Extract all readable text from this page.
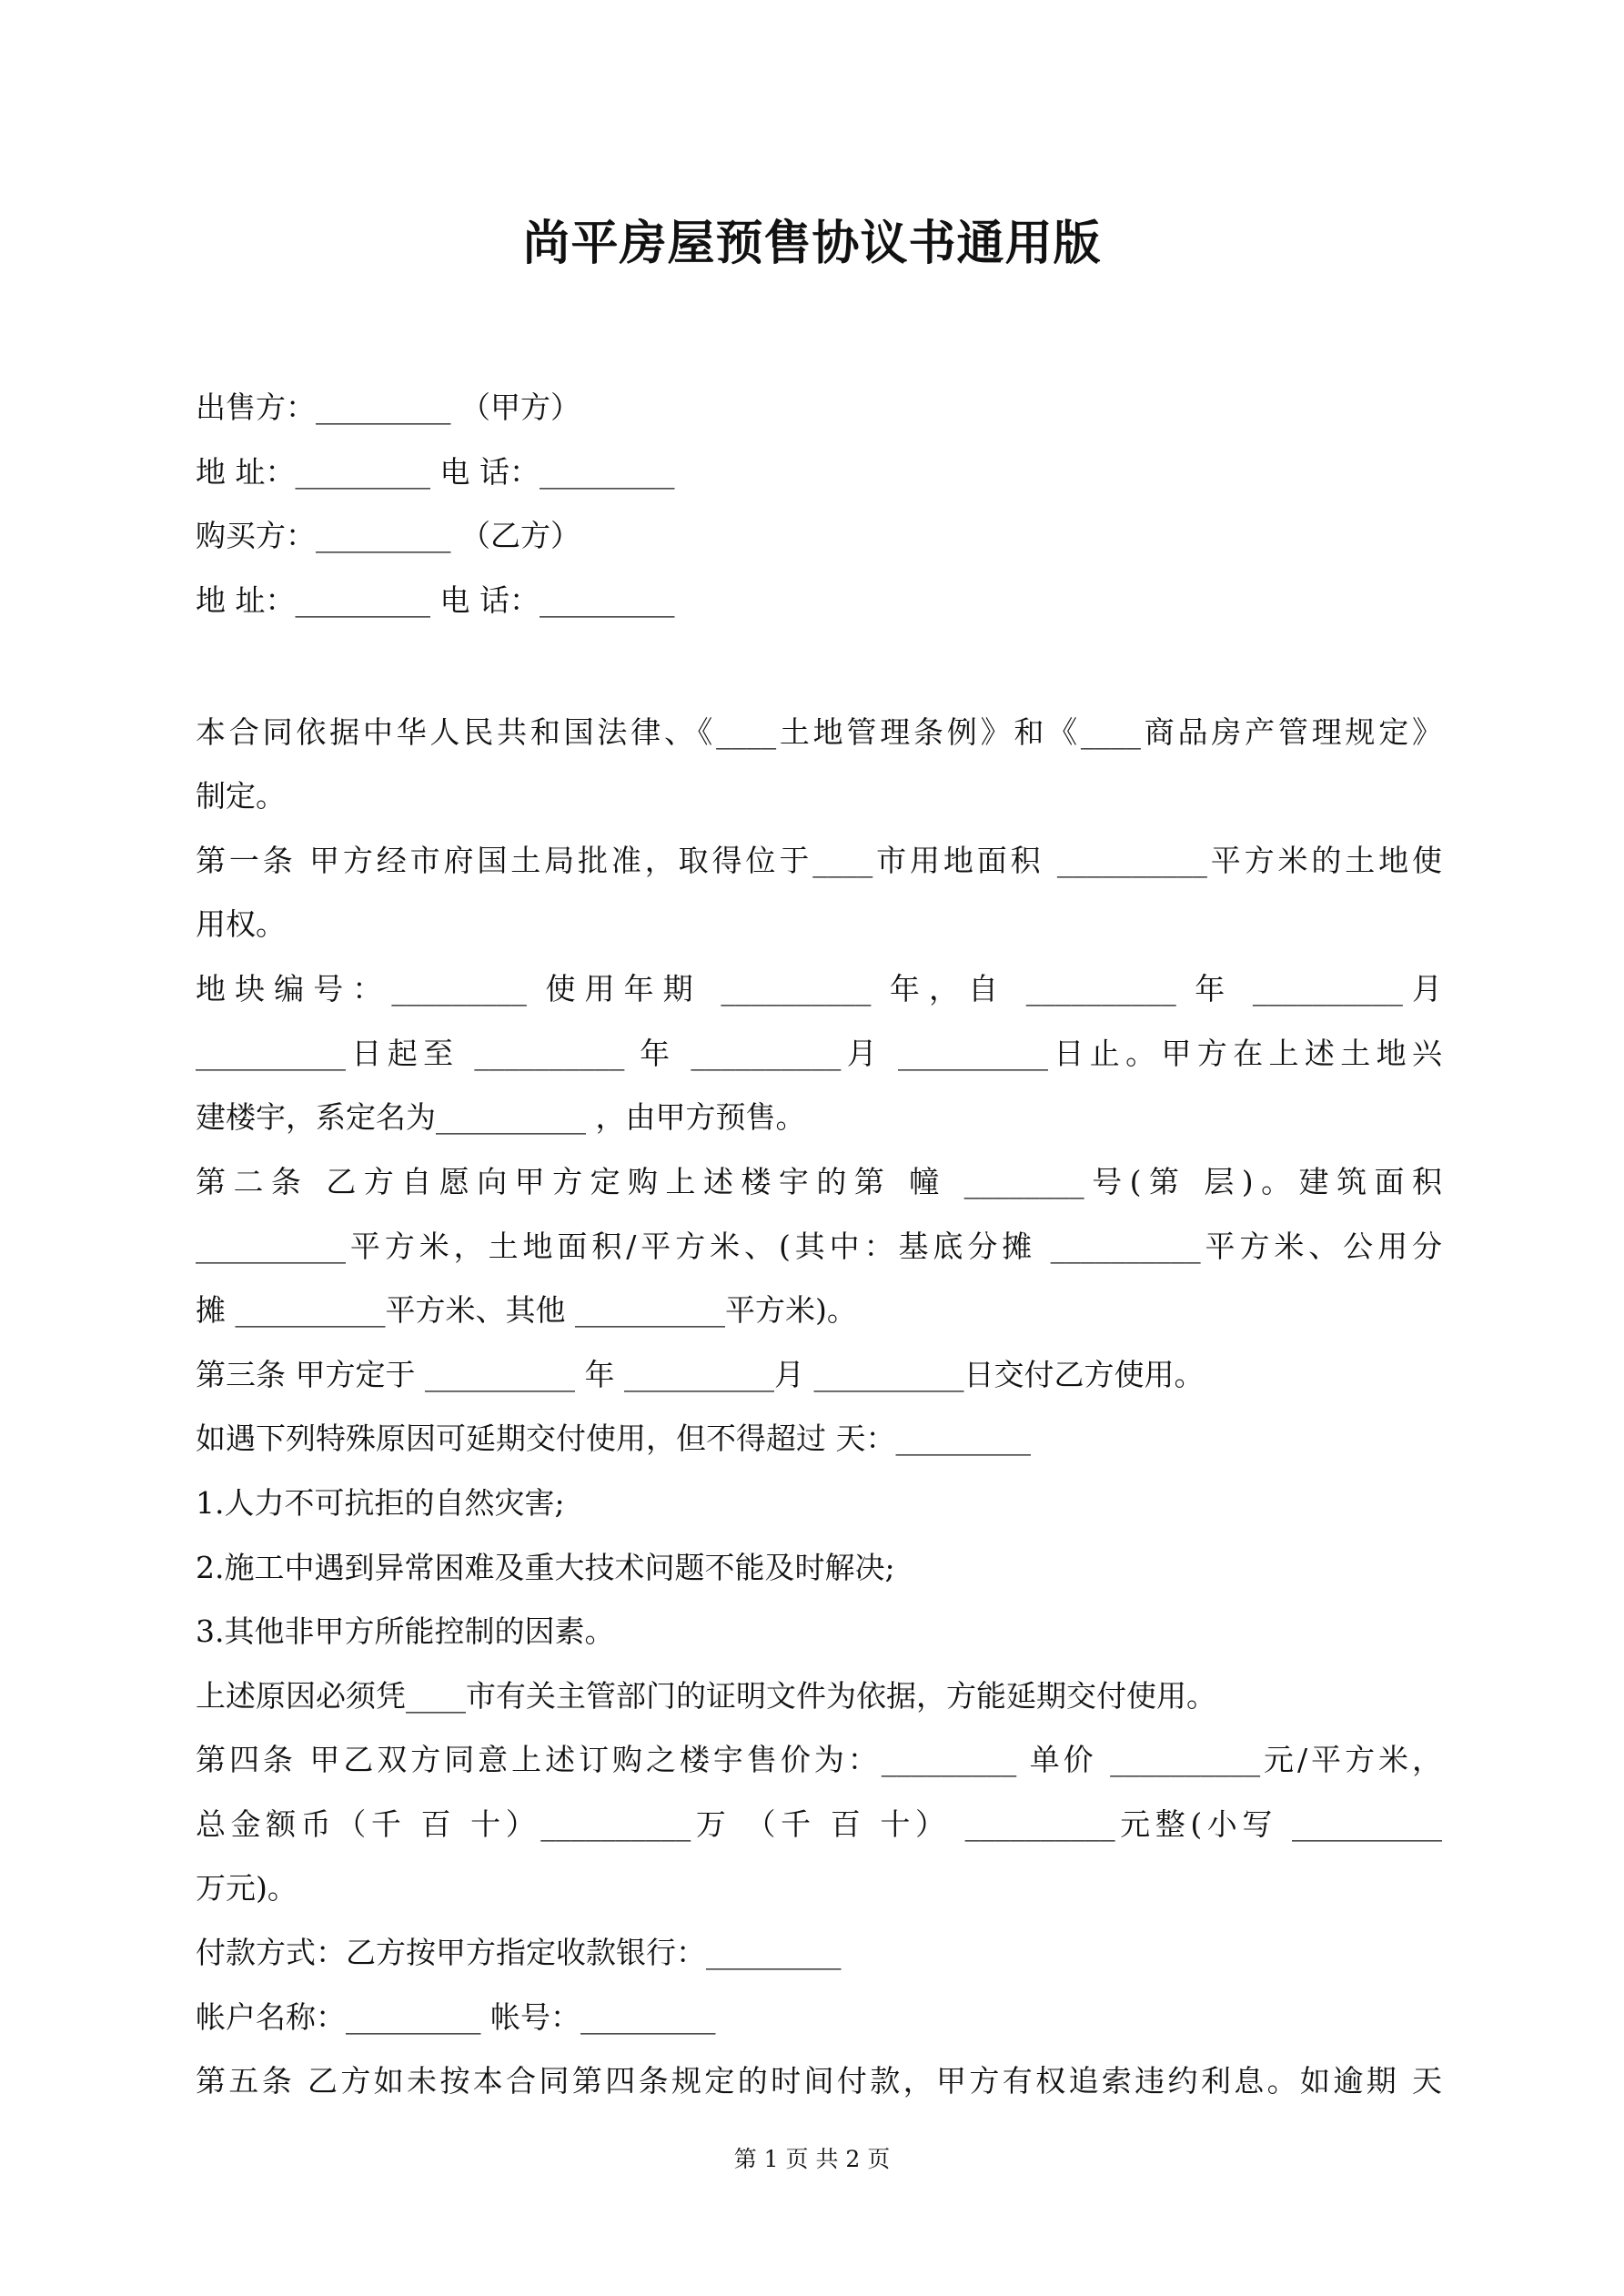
尚平房屋预售协议书通用版
出售方：_________ （甲方）
地 址：_________ 电 话：_________
购买方：_________ （乙方）
地 址：_________ 电 话：_________
本合同依据中华人民共和国法律、《____土地管理条例》和《____商品房产管理规定》
制定。
第一条 甲方经市府国土局批准，取得位于____市用地面积 __________平方米的土地使
用权。
地块编号：_________ 使用年期 __________ 年，自 __________ 年 __________月
__________日起至 __________ 年 __________月 __________日止。甲方在上述土地兴
建楼宇，系定名为__________ ，由甲方预售。
第二条 乙方自愿向甲方定购上述楼宇的第 幢 ________号(第 层)。建筑面积
__________平方米，土地面积/平方米、(其中：基底分摊 __________平方米、公用分
摊 __________平方米、其他 __________平方米)。
第三条 甲方定于 __________ 年 __________月 __________日交付乙方使用。
如遇下列特殊原因可延期交付使用，但不得超过 天：_________
1.人力不可抗拒的自然灾害;
2.施工中遇到异常困难及重大技术问题不能及时解决;
3.其他非甲方所能控制的因素。
上述原因必须凭____市有关主管部门的证明文件为依据，方能延期交付使用。
第四条 甲乙双方同意上述订购之楼宇售价为：_________ 单价 __________元/平方米，
总金额币（千 百 十）__________万 （千 百 十） __________元整(小写 __________
万元)。
付款方式：乙方按甲方指定收款银行：_________
帐户名称：_________ 帐号：_________
第五条 乙方如未按本合同第四条规定的时间付款，甲方有权追索违约利息。如逾期 天
第 1 页 共 2 页
